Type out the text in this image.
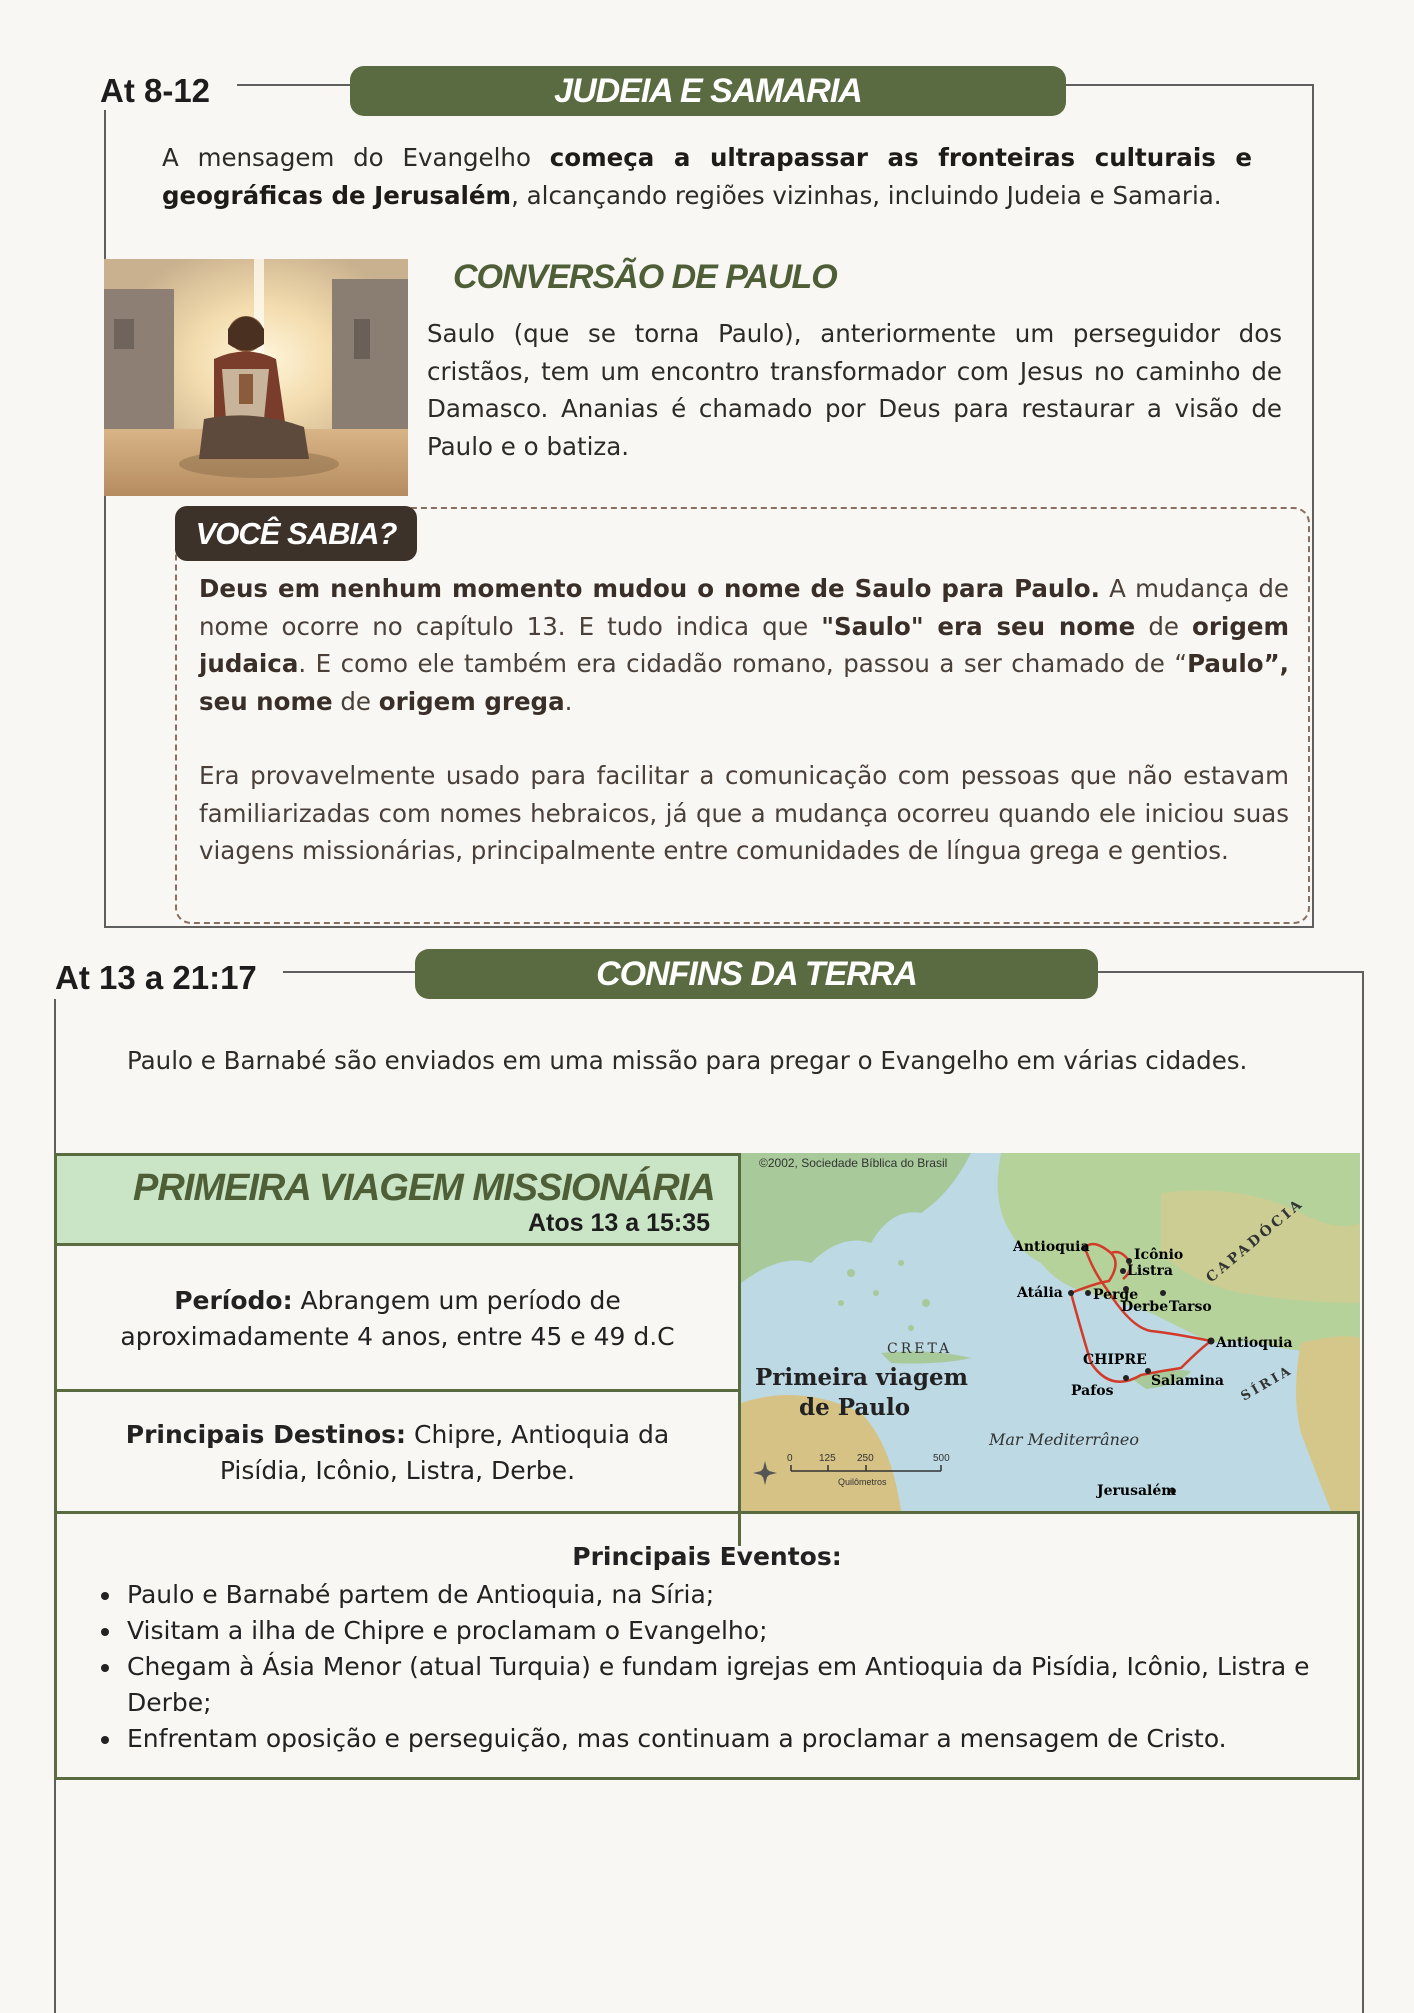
At 8-12	JUDEIA E SAMARIA
A mensagem do Evangelho começa a ultrapassar as fronteiras culturais e geográficas de Jerusalém, alcançando regiões vizinhas, incluindo Judeia e Samaria.
CONVERSÃO DE PAULO
Saulo (que se torna Paulo), anteriormente um perseguidor dos cristãos, tem um encontro transformador com Jesus no caminho de Damasco. Ananias é chamado por Deus para restaurar a visão de Paulo e o batiza.
VOCÊ SABIA?
Deus em nenhum momento mudou o nome de Saulo para Paulo. A mudança de nome ocorre no capítulo 13. E tudo indica que "Saulo" era seu nome de origem judaica. E como ele também era cidadão romano, passou a ser chamado de “Paulo”, seu nome de origem grega.
Era provavelmente usado para facilitar a comunicação com pessoas que não estavam familiarizadas com nomes hebraicos, já que a mudança ocorreu quando ele iniciou suas viagens missionárias, principalmente entre comunidades de língua grega e gentios.
At 13 a 21:17	CONFINS DA TERRA
Paulo e Barnabé são enviados em uma missão para pregar o Evangelho em várias cidades.
PRIMEIRA VIAGEM MISSIONÁRIA
Atos 13 a 15:35
Período: Abrangem um período de aproximadamente 4 anos, entre 45 e 49 d.C
Principais Destinos: Chipre, Antioquia da Pisídia, Icônio, Listra, Derbe.
©2002, Sociedade Bíblica do Brasil
Antioquia	Icônio
Listra
Atália Perge
Derbe Tarso
Antioquia
CHIPRE
Salamina
Pafos
Jerusalém
CRETA
CAPADÓCIA
SÍRIA
Mar Mediterrâneo
Primeira viagem
de Paulo
0	125 250	500
Quilômetros
Principais Eventos:
• Paulo e Barnabé partem de Antioquia, na Síria;
• Visitam a ilha de Chipre e proclamam o Evangelho;
• Chegam à Ásia Menor (atual Turquia) e fundam igrejas em Antioquia da Pisídia, Icônio, Listra e Derbe;
• Enfrentam oposição e perseguição, mas continuam a proclamar a mensagem de Cristo.
